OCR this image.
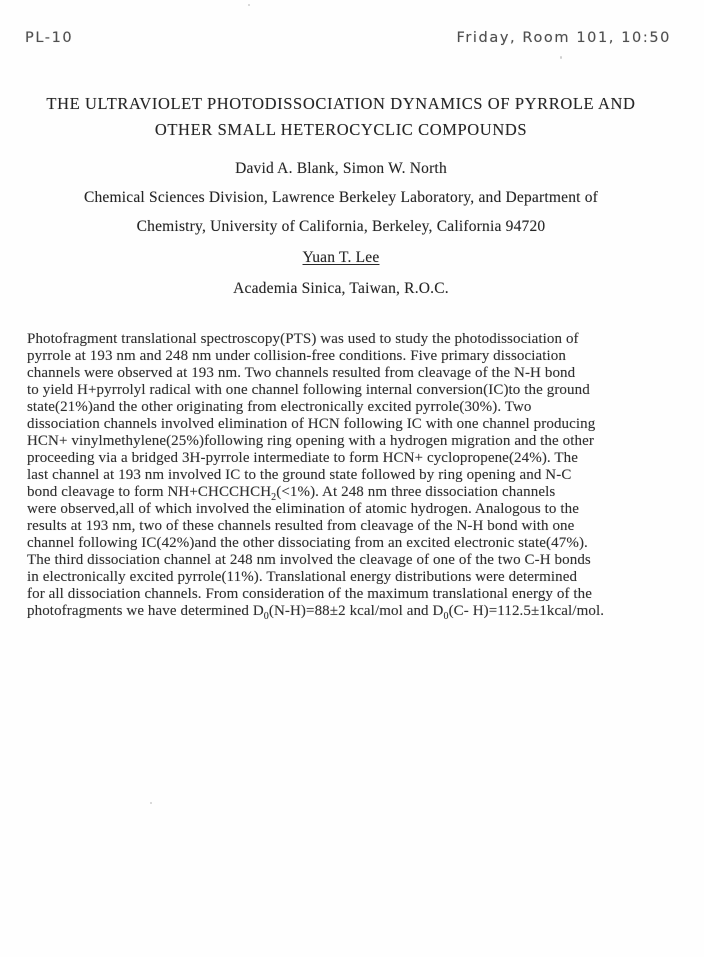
PL-10	Friday, Room 101, 10:50
THE ULTRAVIOLET PHOTODISSOCIATION DYNAMICS OF PYRROLE AND
OTHER SMALL HETEROCYCLIC COMPOUNDS
David A. Blank, Simon W. North
Chemical Sciences Division, Lawrence Berkeley Laboratory, and Department of
Chemistry, University of California, Berkeley, California 94720
Yuan T. Lee
Academia Sinica, Taiwan, R.O.C.
Photofragment translational spectroscopy(PTS) was used to study the photodissociation of
pyrrole at 193 nm and 248 nm under collision-free conditions. Five primary dissociation
channels were observed at 193 nm. Two channels resulted from cleavage of the N-H bond
to yield H+pyrrolyl radical with one channel following internal conversion(IC)to the ground
state(21%)and the other originating from electronically excited pyrrole(30%). Two
dissociation channels involved elimination of HCN following IC with one channel producing
HCN+ vinylmethylene(25%)following ring opening with a hydrogen migration and the other
proceeding via a bridged 3H-pyrrole intermediate to form HCN+ cyclopropene(24%). The
last channel at 193 nm involved IC to the ground state followed by ring opening and N-C
bond cleavage to form $NH+CHCCHCH_2(<1\%)$. At 248 nm three dissociation channels
were observed,all of which involved the elimination of atomic hydrogen. Analogous to the
results at 193 nm, two of these channels resulted from cleavage of the N-H bond with one
channel following IC(42%)and the other dissociating from an excited electronic state(47%).
The third dissociation channel at 248 nm involved the cleavage of one of the two C-H bonds
in electronically excited pyrrole(11%). Translational energy distributions were determined
for all dissociation channels. From consideration of the maximum translational energy of the
photofragments we have determined $D_0(N-H)=88\pm 2$ kcal/mol and $D_0(C-$ H)=112.5±1kcal/mol.
